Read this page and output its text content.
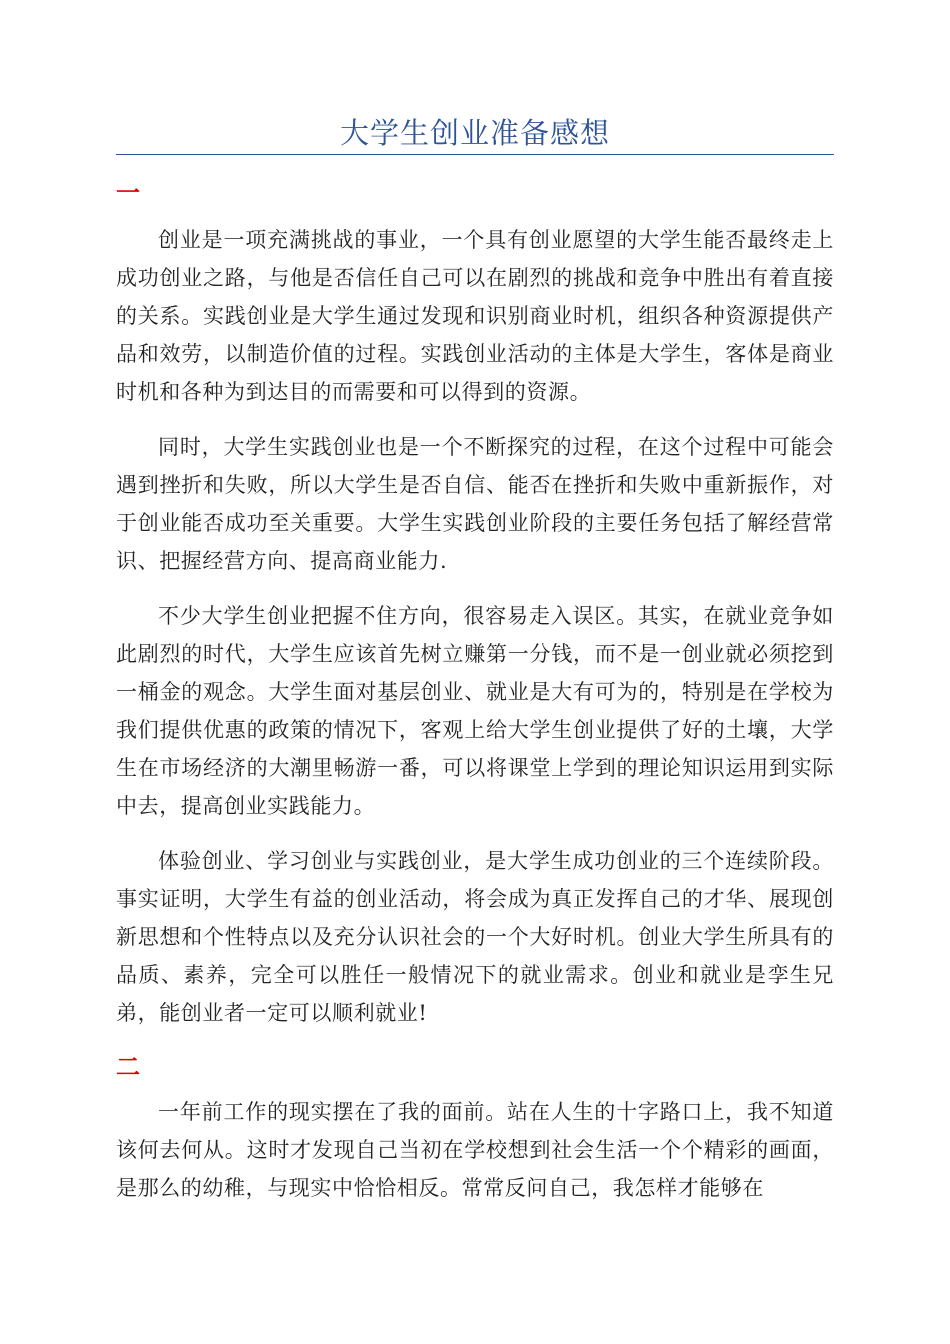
大学生创业准备感想
一

创业是一项充满挑战的事业，一个具有创业愿望的大学生能否最终走上成功创业之路，与他是否信任自己可以在剧烈的挑战和竞争中胜出有着直接的关系。实践创业是大学生通过发现和识别商业时机，组织各种资源提供产品和效劳，以制造价值的过程。实践创业活动的主体是大学生，客体是商业时机和各种为到达目的而需要和可以得到的资源。

同时，大学生实践创业也是一个不断探究的过程，在这个过程中可能会遇到挫折和失败，所以大学生是否自信、能否在挫折和失败中重新振作，对于创业能否成功至关重要。大学生实践创业阶段的主要任务包括了解经营常识、把握经营方向、提高商业能力.

不少大学生创业把握不住方向，很容易走入误区。其实，在就业竞争如此剧烈的时代，大学生应该首先树立赚第一分钱，而不是一创业就必须挖到一桶金的观念。大学生面对基层创业、就业是大有可为的，特别是在学校为我们提供优惠的政策的情况下，客观上给大学生创业提供了好的土壤，大学生在市场经济的大潮里畅游一番，可以将课堂上学到的理论知识运用到实际中去，提高创业实践能力。

体验创业、学习创业与实践创业，是大学生成功创业的三个连续阶段。事实证明，大学生有益的创业活动，将会成为真正发挥自己的才华、展现创新思想和个性特点以及充分认识社会的一个大好时机。创业大学生所具有的品质、素养，完全可以胜任一般情况下的就业需求。创业和就业是孪生兄弟，能创业者一定可以顺利就业!

二

一年前工作的现实摆在了我的面前。站在人生的十字路口上，我不知道该何去何从。这时才发现自己当初在学校想到社会生活一个个精彩的画面，是那么的幼稚，与现实中恰恰相反。常常反问自己，我怎样才能够在
